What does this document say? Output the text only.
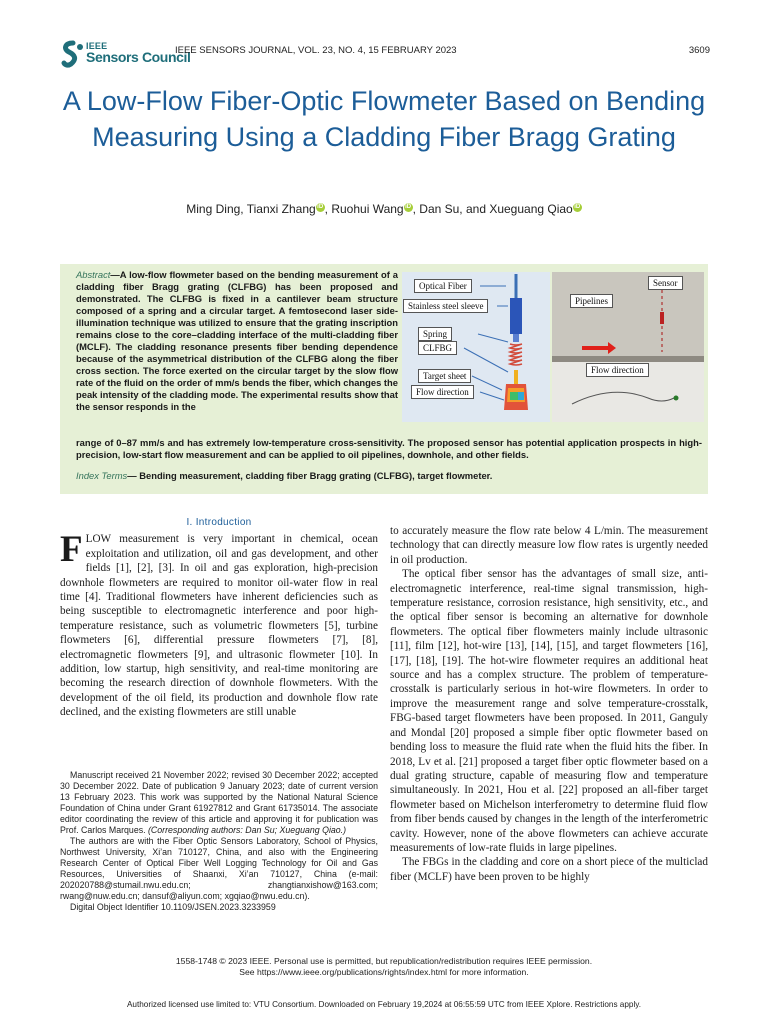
IEEE
Sensors Council
IEEE SENSORS JOURNAL, VOL. 23, NO. 4, 15 FEBRUARY 2023	3609
A Low-Flow Fiber-Optic Flowmeter Based on Bending Measuring Using a Cladding Fiber Bragg Grating
Ming Ding, Tianxi Zhang iD , Ruohui Wang iD , Dan Su, and Xueguang Qiao iD
Abstract—A low-flow flowmeter based on the bending measurement of a cladding fiber Bragg grating (CLFBG) has been proposed and demonstrated. The CLFBG is fixed in a cantilever beam structure composed of a spring and a circular target. A femtosecond laser side-illumination technique was utilized to ensure that the grating inscription remains close to the core–cladding interface of the multi-cladding fiber (MCLF). The cladding resonance presents fiber bending dependence because of the asymmetrical distribution of the CLFBG along the fiber cross section. The force exerted on the circular target by the slow flow rate of the fluid on the order of mm/s bends the fiber, which changes the peak intensity of the cladding mode. The experimental results show that the sensor responds in the
Optical Fiber
Stainless steel sleeve
Spring
CLFBG
Target sheet
Flow direction
Sensor
Pipelines
Flow direction
range of 0–87 mm/s and has extremely low-temperature cross-sensitivity. The proposed sensor has potential application prospects in high-precision, low-start flow measurement and can be applied to oil pipelines, downhole, and other fields.
Index Terms— Bending measurement, cladding fiber Bragg grating (CLFBG), target flowmeter.
I. Introduction

FLOW measurement is very important in chemical, ocean exploitation and utilization, oil and gas development, and other fields [1], [2], [3]. In oil and gas exploration, high-precision downhole flowmeters are required to monitor oil-water flow in real time [4]. Traditional flowmeters have inherent deficiencies such as being susceptible to electromagnetic interference and poor high-temperature resistance, such as volumetric flowmeters [5], turbine flowmeters [6], differential pressure flowmeters [7], [8], electromagnetic flowmeters [9], and ultrasonic flowmeter [10]. In addition, low startup, high sensitivity, and real-time monitoring are becoming the research direction of downhole flowmeters. With the development of the oil field, its production and downhole flow rate declined, and the existing flowmeters are still unable

to accurately measure the flow rate below 4 L/min. The measurement technology that can directly measure low flow rates is urgently needed in oil production.

The optical fiber sensor has the advantages of small size, anti-electromagnetic interference, real-time signal transmission, high-temperature resistance, corrosion resistance, high sensitivity, etc., and the optical fiber sensor is becoming an alternative for downhole flowmeters. The optical fiber flowmeters mainly include ultrasonic [11], film [12], hot-wire [13], [14], [15], and target flowmeters [16], [17], [18], [19]. The hot-wire flowmeter requires an additional heat source and has a complex structure. The problem of temperature-crosstalk is particularly serious in hot-wire flowmeters. In order to improve the measurement range and solve temperature-crosstalk, FBG-based target flowmeters have been proposed. In 2011, Ganguly and Mondal [20] proposed a simple fiber optic flowmeter based on bending loss to measure the fluid rate when the fluid hits the fiber. In 2018, Lv et al. [21] proposed a target fiber optic flowmeter based on a dual grating structure, capable of measuring flow and temperature simultaneously. In 2021, Hou et al. [22] proposed an all-fiber target flowmeter based on Michelson interferometry to determine fluid flow from fiber bends caused by changes in the length of the interferometric cavity. However, none of the above flowmeters can achieve accurate measurements of low-rate fluids in large pipelines.

The FBGs in the cladding and core on a short piece of the multiclad fiber (MCLF) have been proven to be highly

Manuscript received 21 November 2022; revised 30 December 2022; accepted 30 December 2022. Date of publication 9 January 2023; date of current version 13 February 2023. This work was supported by the National Natural Science Foundation of China under Grant 61927812 and Grant 61735014. The associate editor coordinating the review of this article and approving it for publication was Prof. Carlos Marques. (Corresponding authors: Dan Su; Xueguang Qiao.)

The authors are with the Fiber Optic Sensors Laboratory, School of Physics, Northwest University, Xi’an 710127, China, and also with the Engineering Research Center of Optical Fiber Well Logging Technology for Oil and Gas Resources, Universities of Shaanxi, Xi’an 710127, China (e-mail: 202020788@stumail.nwu.edu.cn; zhangtianxishow@163.com; rwang@nuw.edu.cn; dansuf@aliyun.com; xgqiao@nwu.edu.cn).

Digital Object Identifier 10.1109/JSEN.2023.3233959

1558-1748 © 2023 IEEE. Personal use is permitted, but republication/redistribution requires IEEE permission.
See https://www.ieee.org/publications/rights/index.html for more information.
Authorized licensed use limited to: VTU Consortium. Downloaded on February 19,2024 at 06:55:59 UTC from IEEE Xplore. Restrictions apply.
